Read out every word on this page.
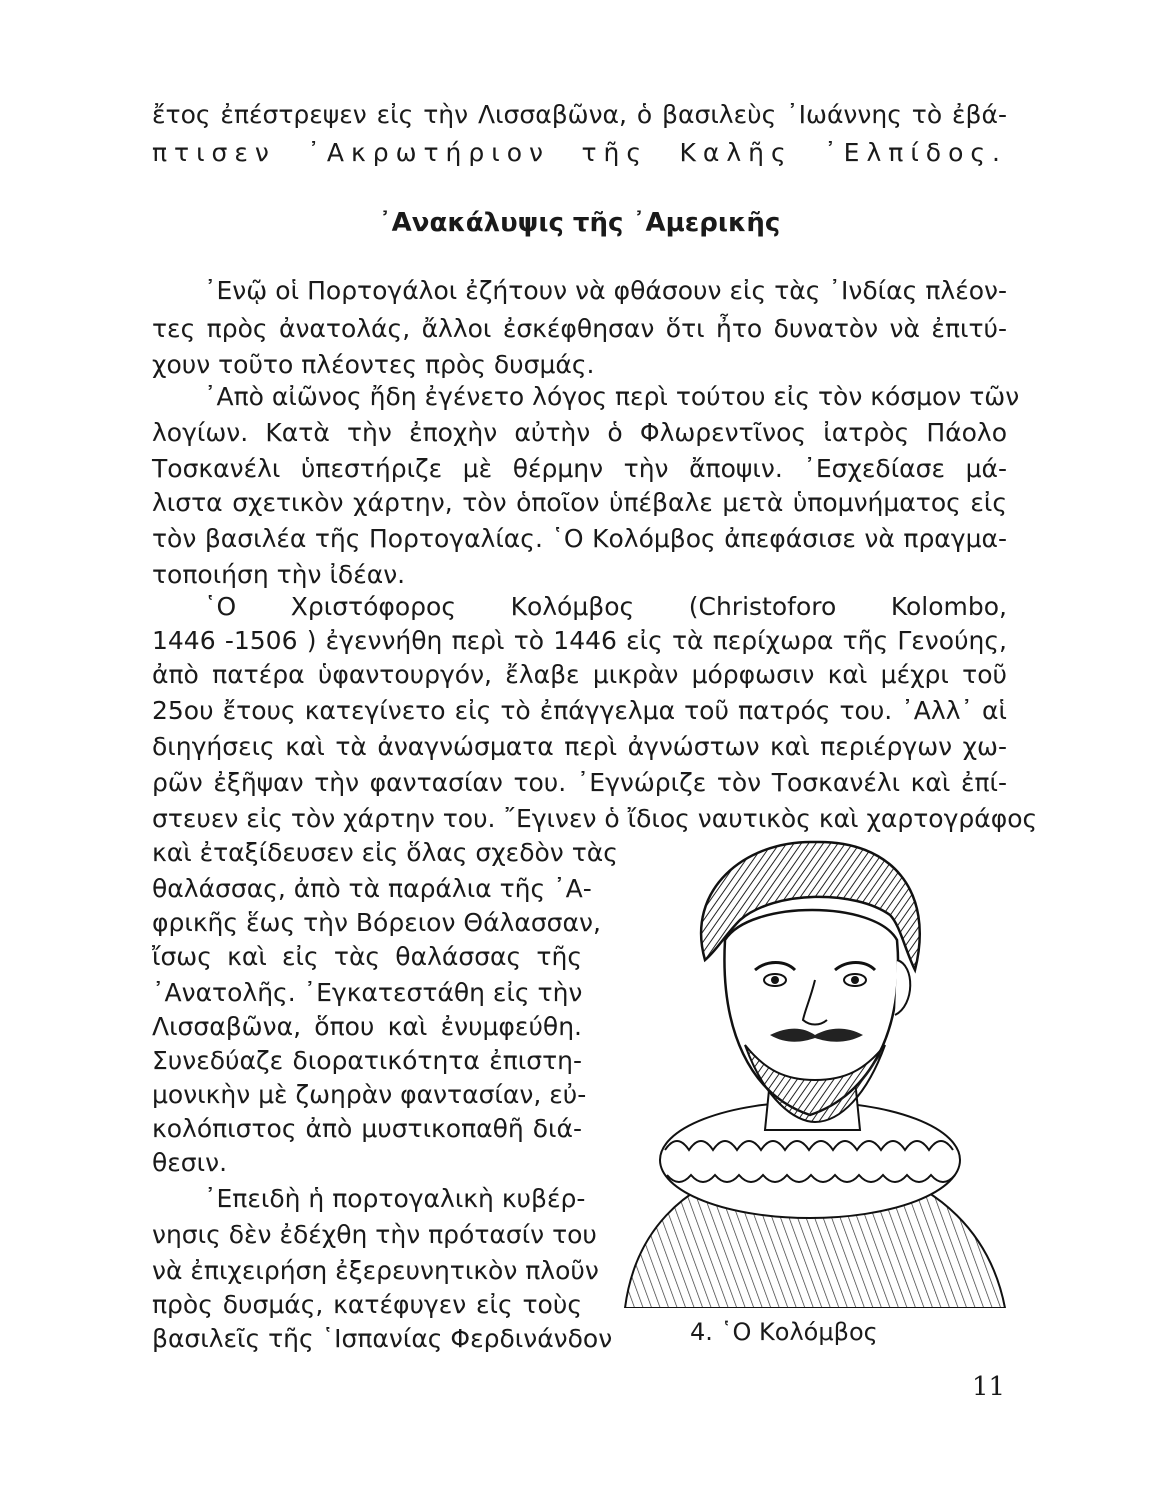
ἔτος ἐπέστρεψεν εἰς τὴν Λισσαβῶνα, ὁ βασιλεὺς ᾿Ιωάννης τὸ ἐβά-
πτισεν ᾿Ακρωτήριον τῆς Καλῆς ᾿Ελπίδος.
᾿Ανακάλυψις τῆς ᾿Αμερικῆς
᾿Ενῷ οἱ Πορτογάλοι ἐζήτουν νὰ φθάσουν εἰς τὰς ᾿Ινδίας πλέον-
τες πρὸς ἀνατολάς, ἄλλοι ἐσκέφθησαν ὅτι ἦτο δυνατὸν νὰ ἐπιτύ-
χουν τοῦτο πλέοντες πρὸς δυσμάς.
᾿Απὸ αἰῶνος ἤδη ἐγένετο λόγος περὶ τούτου εἰς τὸν κόσμον τῶν
λογίων. Κατὰ τὴν ἐποχὴν αὐτὴν ὁ Φλωρεντῖνος ἰατρὸς Πάολο
Τοσκανέλι ὑπεστήριζε μὲ θέρμην τὴν ἄποψιν. ᾿Εσχεδίασε μά-
λιστα σχετικὸν χάρτην, τὸν ὁποῖον ὑπέβαλε μετὰ ὑπομνήματος εἰς
τὸν βασιλέα τῆς Πορτογαλίας. ῾Ο Κολόμβος ἀπεφάσισε νὰ πραγμα-
τοποιήση τὴν ἰδέαν.
῾Ο Χριστόφορος Κολόμβος (Christoforo Kolombo,
1446 -1506 ) ἐγεννήθη περὶ τὸ 1446 εἰς τὰ περίχωρα τῆς Γενούης,
ἀπὸ πατέρα ὑφαντουργόν, ἔλαβε μικρὰν μόρφωσιν καὶ μέχρι τοῦ
25ου ἔτους κατεγίνετο εἰς τὸ ἐπάγγελμα τοῦ πατρός του. ᾿Αλλ᾿ αἱ
διηγήσεις καὶ τὰ ἀναγνώσματα περὶ ἀγνώστων καὶ περιέργων χω-
ρῶν ἐξῆψαν τὴν φαντασίαν του. ᾿Εγνώριζε τὸν Τοσκανέλι καὶ ἐπί-
στευεν εἰς τὸν χάρτην του. ῎Εγινεν ὁ ἴδιος ναυτικὸς καὶ χαρτογράφος
καὶ ἐταξίδευσεν εἰς ὅλας σχεδὸν τὰς
θαλάσσας, ἀπὸ τὰ παράλια τῆς ᾿Α-
φρικῆς ἕως τὴν Βόρειον Θάλασσαν,
ἴσως καὶ εἰς τὰς θαλάσσας τῆς
᾿Ανατολῆς. ᾿Εγκατεστάθη εἰς τὴν
Λισσαβῶνα, ὅπου καὶ ἐνυμφεύθη.
Συνεδύαζε διορατικότητα ἐπιστη-
μονικὴν μὲ ζωηρὰν φαντασίαν, εὐ-
κολόπιστος ἀπὸ μυστικοπαθῆ διά-
θεσιν.
᾿Επειδὴ ἡ πορτογαλικὴ κυβέρ-
νησις δὲν ἐδέχθη τὴν πρότασίν του
νὰ ἐπιχειρήση ἐξερευνητικὸν πλοῦν
πρὸς δυσμάς, κατέφυγεν εἰς τοὺς
βασιλεῖς τῆς ῾Ισπανίας Φερδινάνδον	4. ῾Ο Κολόμβος
11
